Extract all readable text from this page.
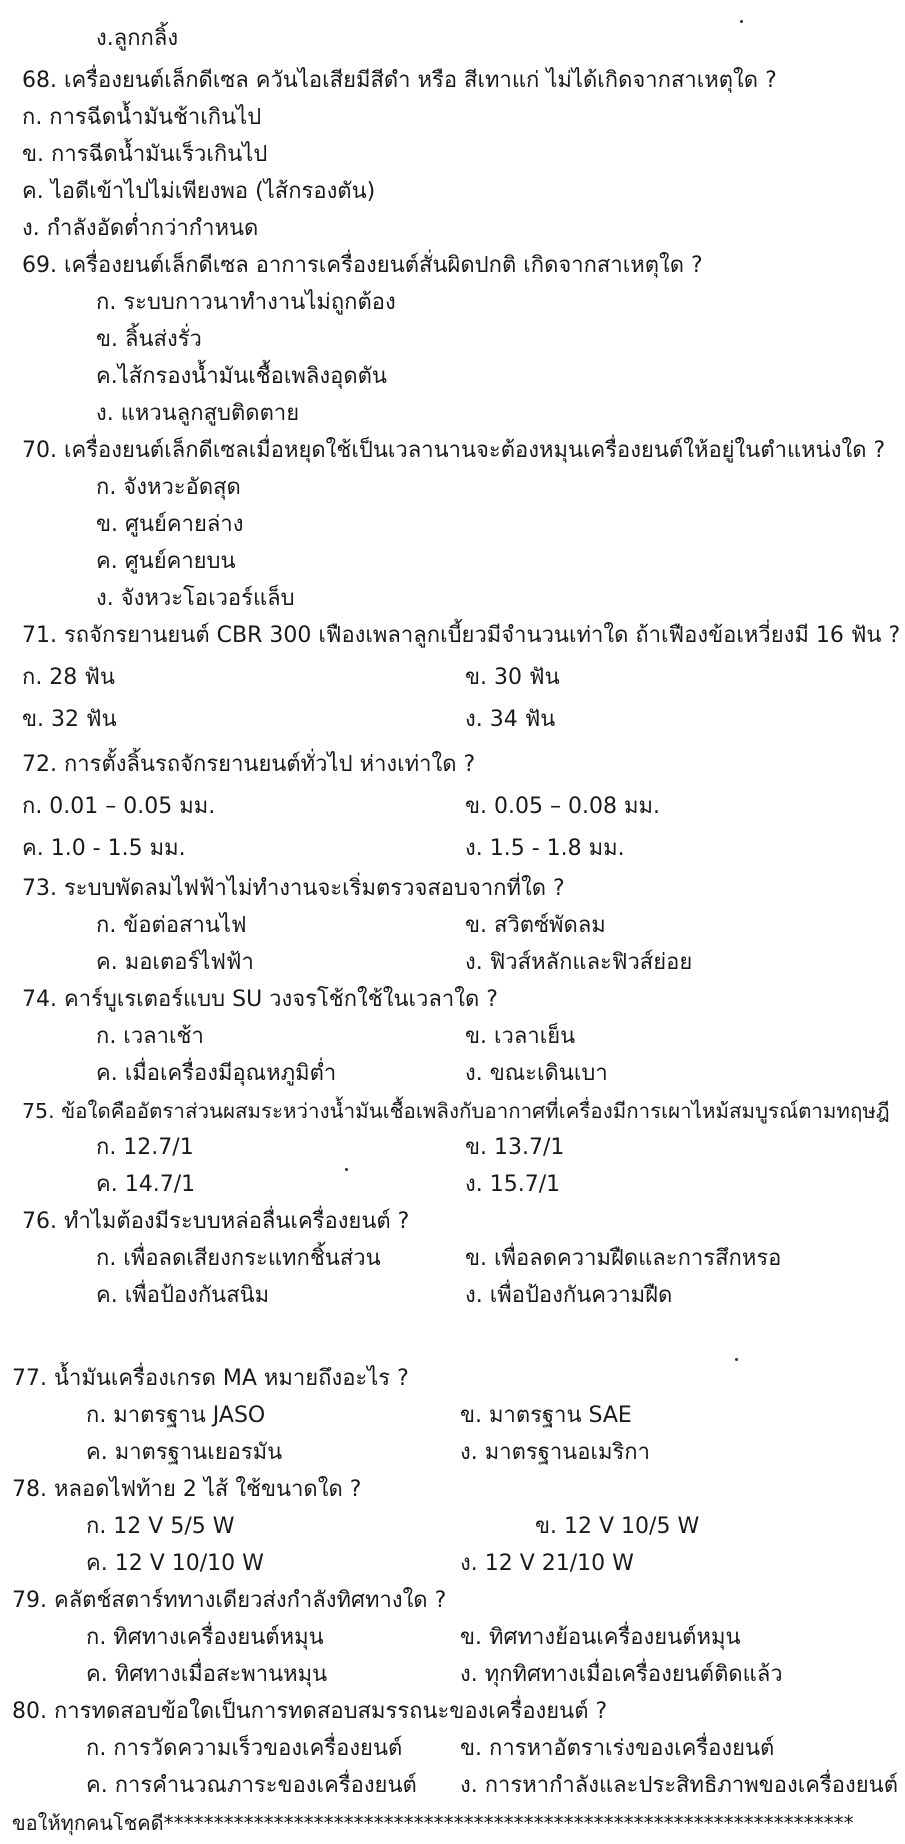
ง.ลูกกลิ้ง
68. เครื่องยนต์เล็กดีเซล ควันไอเสียมีสีดำ หรือ สีเทาแก่ ไม่ได้เกิดจากสาเหตุใด ?
ก. การฉีดน้ำมันช้าเกินไป
ข. การฉีดน้ำมันเร็วเกินไป
ค. ไอดีเข้าไปไม่เพียงพอ (ไส้กรองตัน)
ง. กำลังอัดต่ำกว่ากำหนด
69. เครื่องยนต์เล็กดีเซล อาการเครื่องยนต์สั่นผิดปกติ เกิดจากสาเหตุใด ?
ก. ระบบกาวนาทำงานไม่ถูกต้อง
ข. ลิ้นส่งรั่ว
ค.ไส้กรองน้ำมันเชื้อเพลิงอุดตัน
ง. แหวนลูกสูบติดตาย
70. เครื่องยนต์เล็กดีเซลเมื่อหยุดใช้เป็นเวลานานจะต้องหมุนเครื่องยนต์ให้อยู่ในตำแหน่งใด ?
ก. จังหวะอัดสุด
ข. ศูนย์คายล่าง
ค. ศูนย์คายบน
ง. จังหวะโอเวอร์แล็บ
71. รถจักรยานยนต์ CBR 300 เฟืองเพลาลูกเบี้ยวมีจำนวนเท่าใด ถ้าเฟืองข้อเหวี่ยงมี 16 ฟัน ?
ก. 28 ฟัน	ข. 30 ฟัน
ข. 32 ฟัน	ง. 34 ฟัน
72. การตั้งลิ้นรถจักรยานยนต์ทั่วไป ห่างเท่าใด ?
ก. 0.01 – 0.05 มม.	ข. 0.05 – 0.08 มม.
ค. 1.0 - 1.5 มม.	ง. 1.5 - 1.8 มม.
73. ระบบพัดลมไฟฟ้าไม่ทำงานจะเริ่มตรวจสอบจากที่ใด ?
ก. ข้อต่อสานไฟ	ข. สวิตซ์พัดลม
ค. มอเตอร์ไฟฟ้า	ง. ฟิวส์หลักและฟิวส์ย่อย
74. คาร์บูเรเตอร์แบบ SU วงจรโช้กใช้ในเวลาใด ?
ก. เวลาเช้า	ข. เวลาเย็น
ค. เมื่อเครื่องมีอุณหภูมิต่ำ	ง. ขณะเดินเบา
75. ข้อใดคืออัตราส่วนผสมระหว่างน้ำมันเชื้อเพลิงกับอากาศที่เครื่องมีการเผาไหม้สมบูรณ์ตามทฤษฎี
ก. 12.7/1	ข. 13.7/1
ค. 14.7/1	ง. 15.7/1
76. ทำไมต้องมีระบบหล่อลื่นเครื่องยนต์ ?
ก. เพื่อลดเสียงกระแทกชิ้นส่วน	ข. เพื่อลดความฝืดและการสึกหรอ
ค. เพื่อป้องกันสนิม	ง. เพื่อป้องกันความฝืด
77. น้ำมันเครื่องเกรด MA หมายถึงอะไร ?
ก. มาตรฐาน JASO	ข. มาตรฐาน SAE
ค. มาตรฐานเยอรมัน	ง. มาตรฐานอเมริกา
78. หลอดไฟท้าย 2 ไส้ ใช้ขนาดใด ?
ก. 12 V 5/5 W	ข. 12 V 10/5 W
ค. 12 V 10/10 W	ง. 12 V 21/10 W
79. คลัตช์สตาร์ททางเดียวส่งกำลังทิศทางใด ?
ก. ทิศทางเครื่องยนต์หมุน	ข. ทิศทางย้อนเครื่องยนต์หมุน
ค. ทิศทางเมื่อสะพานหมุน	ง. ทุกทิศทางเมื่อเครื่องยนต์ติดแล้ว
80. การทดสอบข้อใดเป็นการทดสอบสมรรถนะของเครื่องยนต์ ?
ก. การวัดความเร็วของเครื่องยนต์	ข. การหาอัตราเร่งของเครื่องยนต์
ค. การคำนวณภาระของเครื่องยนต์ ง. การหากำลังและประสิทธิภาพของเครื่องยนต์
ขอให้ทุกคนโชคดี*********************************************************************
